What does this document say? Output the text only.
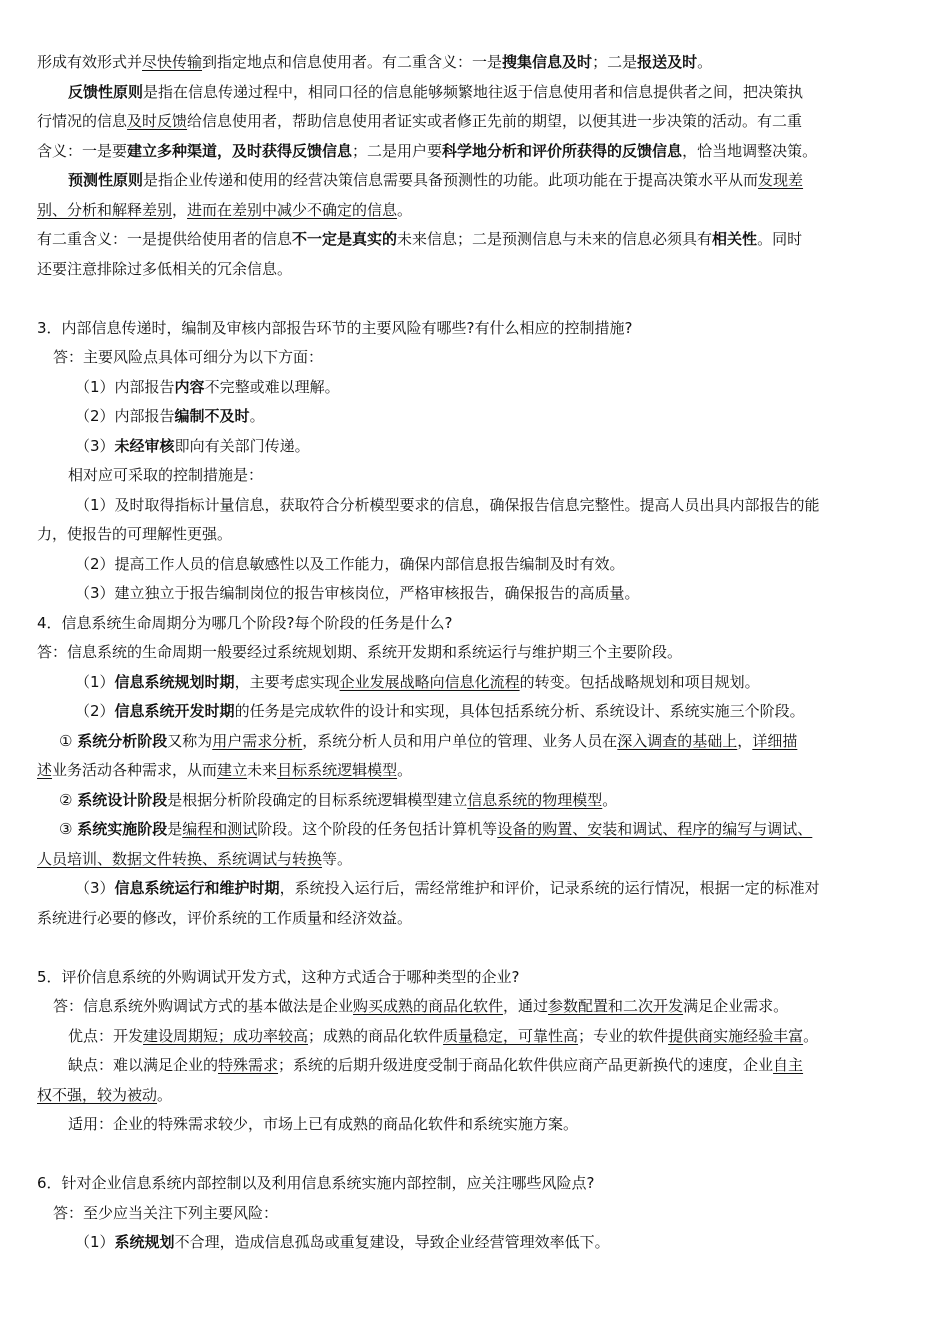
形成有效形式并尽快传输到指定地点和信息使用者。有二重含义：一是搜集信息及时；二是报送及时。
反馈性原则是指在信息传递过程中，相同口径的信息能够频繁地往返于信息使用者和信息提供者之间，把决策执
行情况的信息及时反馈给信息使用者，帮助信息使用者证实或者修正先前的期望，以便其进一步决策的活动。有二重
含义：一是要建立多种渠道，及时获得反馈信息；二是用户要科学地分析和评价所获得的反馈信息，恰当地调整决策。
预测性原则是指企业传递和使用的经营决策信息需要具备预测性的功能。此项功能在于提高决策水平从而发现差
别、分析和解释差别，进而在差别中减少不确定的信息。
有二重含义：一是提供给使用者的信息不一定是真实的未来信息；二是预测信息与未来的信息必须具有相关性。同时
还要注意排除过多低相关的冗余信息。
3．内部信息传递时，编制及审核内部报告环节的主要风险有哪些?有什么相应的控制措施?
答：主要风险点具体可细分为以下方面：
（1）内部报告内容不完整或难以理解。
（2）内部报告编制不及时。
（3）未经审核即向有关部门传递。
相对应可采取的控制措施是：
（1）及时取得指标计量信息，获取符合分析模型要求的信息，确保报告信息完整性。提高人员出具内部报告的能
力，使报告的可理解性更强。
（2）提高工作人员的信息敏感性以及工作能力，确保内部信息报告编制及时有效。
（3）建立独立于报告编制岗位的报告审核岗位，严格审核报告，确保报告的高质量。
4．信息系统生命周期分为哪几个阶段?每个阶段的任务是什么?
答：信息系统的生命周期一般要经过系统规划期、系统开发期和系统运行与维护期三个主要阶段。
（1）信息系统规划时期，主要考虑实现企业发展战略向信息化流程的转变。包括战略规划和项目规划。
（2）信息系统开发时期的任务是完成软件的设计和实现，具体包括系统分析、系统设计、系统实施三个阶段。
① 系统分析阶段又称为用户需求分析，系统分析人员和用户单位的管理、业务人员在深入调查的基础上，详细描
述业务活动各种需求，从而建立未来目标系统逻辑模型。
② 系统设计阶段是根据分析阶段确定的目标系统逻辑模型建立信息系统的物理模型。
③ 系统实施阶段是编程和测试阶段。这个阶段的任务包括计算机等设备的购置、安装和调试、程序的编写与调试、
人员培训、数据文件转换、系统调试与转换等。
（3）信息系统运行和维护时期，系统投入运行后，需经常维护和评价，记录系统的运行情况，根据一定的标准对
系统进行必要的修改，评价系统的工作质量和经济效益。
5．评价信息系统的外购调试开发方式，这种方式适合于哪种类型的企业?
答：信息系统外购调试方式的基本做法是企业购买成熟的商品化软件，通过参数配置和二次开发满足企业需求。
优点：开发建设周期短；成功率较高；成熟的商品化软件质量稳定，可靠性高；专业的软件提供商实施经验丰富。
缺点：难以满足企业的特殊需求；系统的后期升级进度受制于商品化软件供应商产品更新换代的速度，企业自主
权不强，较为被动。
适用：企业的特殊需求较少，市场上已有成熟的商品化软件和系统实施方案。
6．针对企业信息系统内部控制以及利用信息系统实施内部控制，应关注哪些风险点?
答：至少应当关注下列主要风险：
（1）系统规划不合理，造成信息孤岛或重复建设，导致企业经营管理效率低下。
